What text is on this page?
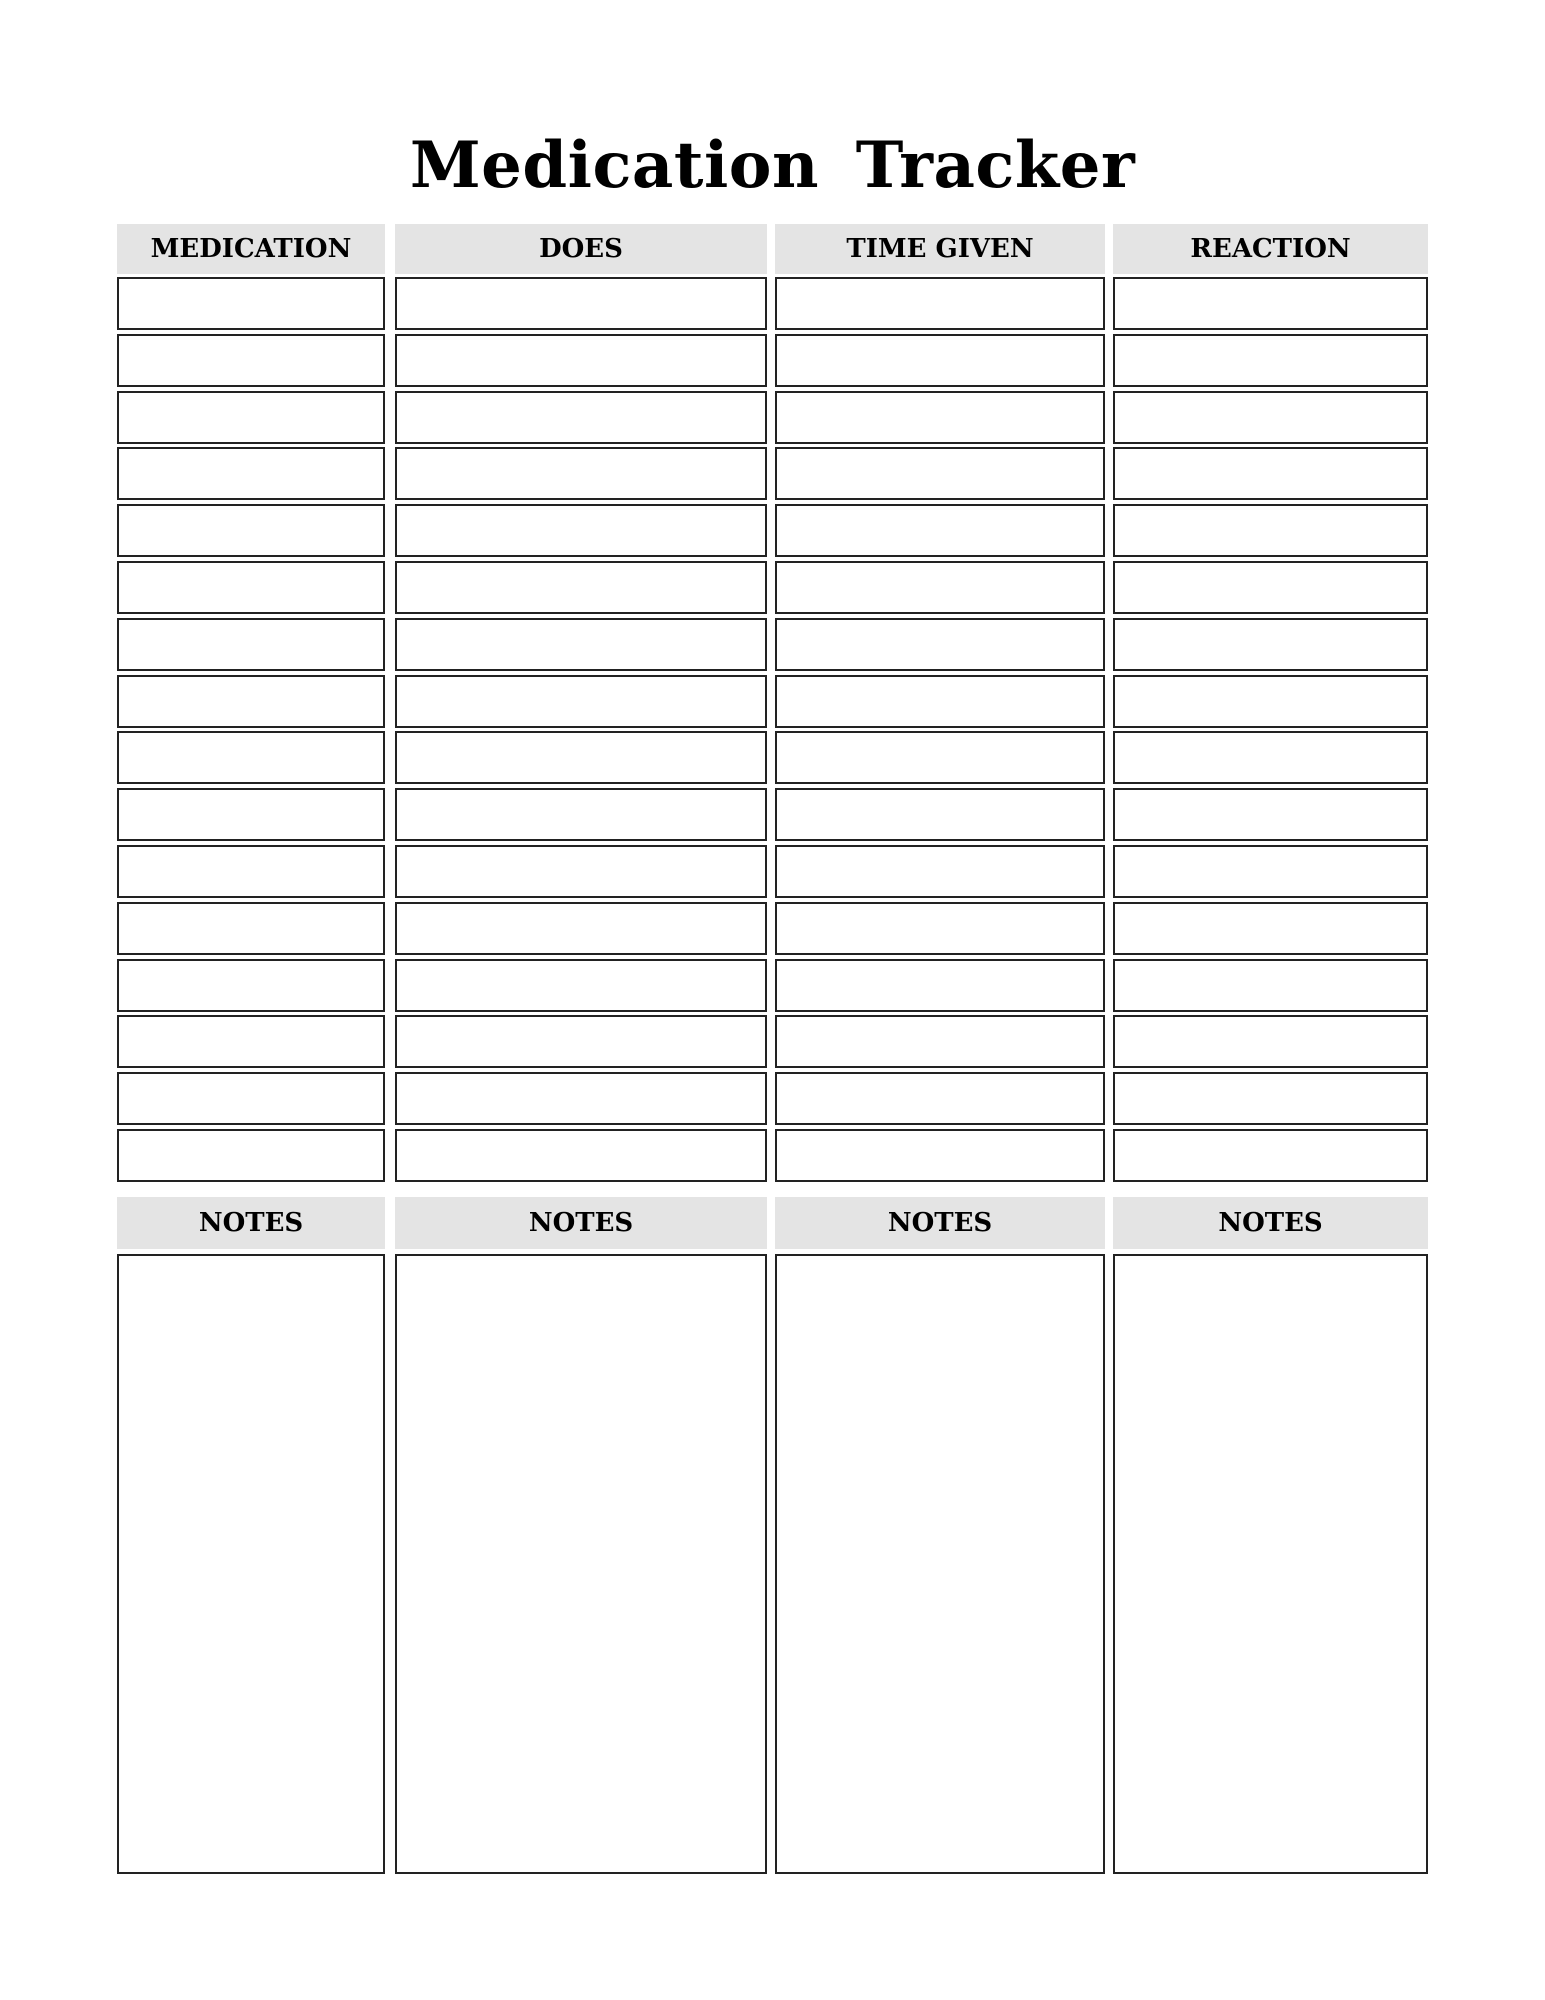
Medication Tracker
MEDICATION
NOTES
DOES
NOTES
TIME GIVEN
NOTES
REACTION
NOTES
